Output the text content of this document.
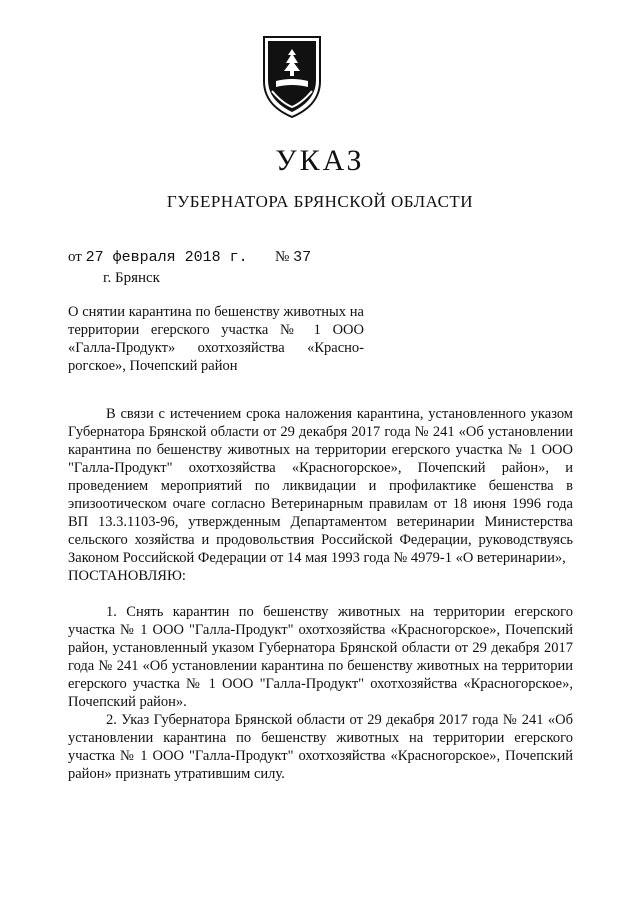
УКАЗ
ГУБЕРНАТОРА БРЯНСКОЙ ОБЛАСТИ
от 27 февраля 2018 г. № 37
г. Брянск

О снятии карантина по бешенству животных на территории егерского участка № 1 ООО «Галла-Продукт» охотхозяйства «Красно-рогское», Почепский район

В связи с истечением срока наложения карантина, установленного указом Губернатора Брянской области от 29 декабря 2017 года № 241 «Об установлении карантина по бешенству животных на территории егерского участка № 1 ООО "Галла-Продукт" охотхозяйства «Красногорское», Почепский район», и проведением мероприятий по ликвидации и профилактике бешенства в эпизоотическом очаге согласно Ветеринарным правилам от 18 июня 1996 года ВП 13.3.1103-96, утвержденным Департаментом ветеринарии Министерства сельского хозяйства и продовольствия Российской Федерации, руководствуясь Законом Российской Федерации от 14 мая 1993 года № 4979-1 «О ветеринарии»,

ПОСТАНОВЛЯЮ:

1. Снять карантин по бешенству животных на территории егерского участка № 1 ООО "Галла-Продукт" охотхозяйства «Красногорское», Почепский район, установленный указом Губернатора Брянской области от 29 декабря 2017 года № 241 «Об установлении карантина по бешенству животных на территории егерского участка № 1 ООО "Галла-Продукт" охотхозяйства «Красногорское», Почепский район».

2. Указ Губернатора Брянской области от 29 декабря 2017 года № 241 «Об установлении карантина по бешенству животных на территории егерского участка № 1 ООО "Галла-Продукт" охотхозяйства «Красногорское», Почепский район» признать утратившим силу.
